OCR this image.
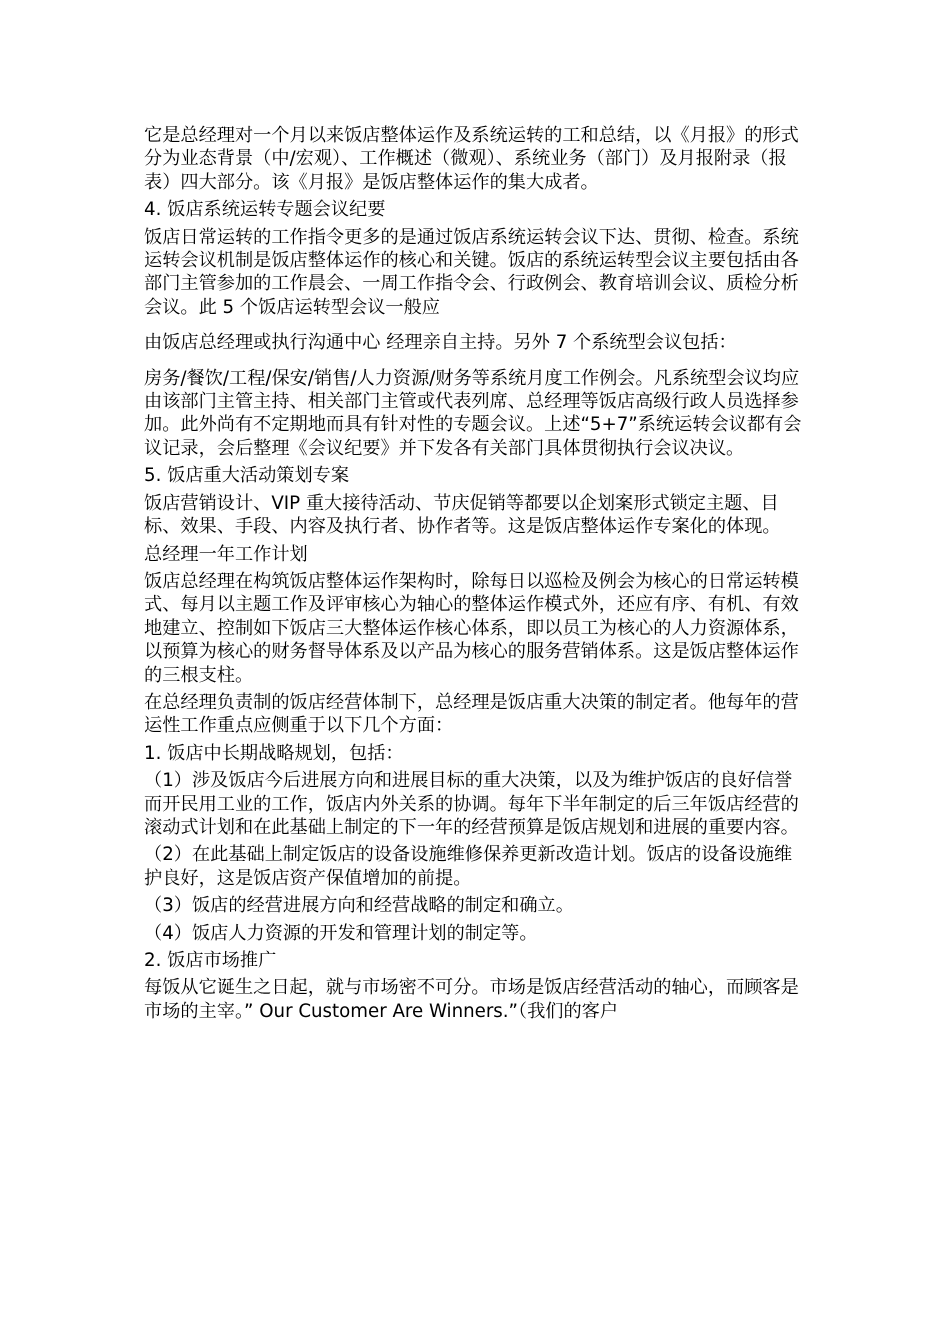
它是总经理对一个月以来饭店整体运作及系统运转的工和总结，以《月报》的形式分为业态背景（中/宏观）、工作概述（微观）、系统业务（部门）及月报附录（报表）四大部分。该《月报》是饭店整体运作的集大成者。

4. 饭店系统运转专题会议纪要

饭店日常运转的工作指令更多的是通过饭店系统运转会议下达、贯彻、检查。系统运转会议机制是饭店整体运作的核心和关键。饭店的系统运转型会议主要包括由各部门主管参加的工作晨会、一周工作指令会、行政例会、教育培训会议、质检分析会议。此 5 个饭店运转型会议一般应

由饭店总经理或执行沟通中心 经理亲自主持。另外 7 个系统型会议包括：

房务/餐饮/工程/保安/销售/人力资源/财务等系统月度工作例会。凡系统型会议均应由该部门主管主持、相关部门主管或代表列席、总经理等饭店高级行政人员选择参加。此外尚有不定期地而具有针对性的专题会议。上述“5+7”系统运转会议都有会议记录，会后整理《会议纪要》并下发各有关部门具体贯彻执行会议决议。

5. 饭店重大活动策划专案

饭店营销设计、VIP 重大接待活动、节庆促销等都要以企划案形式锁定主题、目标、效果、手段、内容及执行者、协作者等。这是饭店整体运作专案化的体现。

总经理一年工作计划

饭店总经理在构筑饭店整体运作架构时，除每日以巡检及例会为核心的日常运转模式、每月以主题工作及评审核心为轴心的整体运作模式外，还应有序、有机、有效地建立、控制如下饭店三大整体运作核心体系，即以员工为核心的人力资源体系，以预算为核心的财务督导体系及以产品为核心的服务营销体系。这是饭店整体运作的三根支柱。

在总经理负责制的饭店经营体制下，总经理是饭店重大决策的制定者。他每年的营运性工作重点应侧重于以下几个方面：

1. 饭店中长期战略规划，包括：

（1）涉及饭店今后进展方向和进展目标的重大决策，以及为维护饭店的良好信誉而开民用工业的工作，饭店内外关系的协调。每年下半年制定的后三年饭店经营的滚动式计划和在此基础上制定的下一年的经营预算是饭店规划和进展的重要内容。

（2）在此基础上制定饭店的设备设施维修保养更新改造计划。饭店的设备设施维护良好，这是饭店资产保值增加的前提。

（3）饭店的经营进展方向和经营战略的制定和确立。

（4）饭店人力资源的开发和管理计划的制定等。

2. 饭店市场推广

每饭从它诞生之日起，就与市场密不可分。市场是饭店经营活动的轴心，而顾客是市场的主宰。” Our Customer Are Winners.”（我们的客户
